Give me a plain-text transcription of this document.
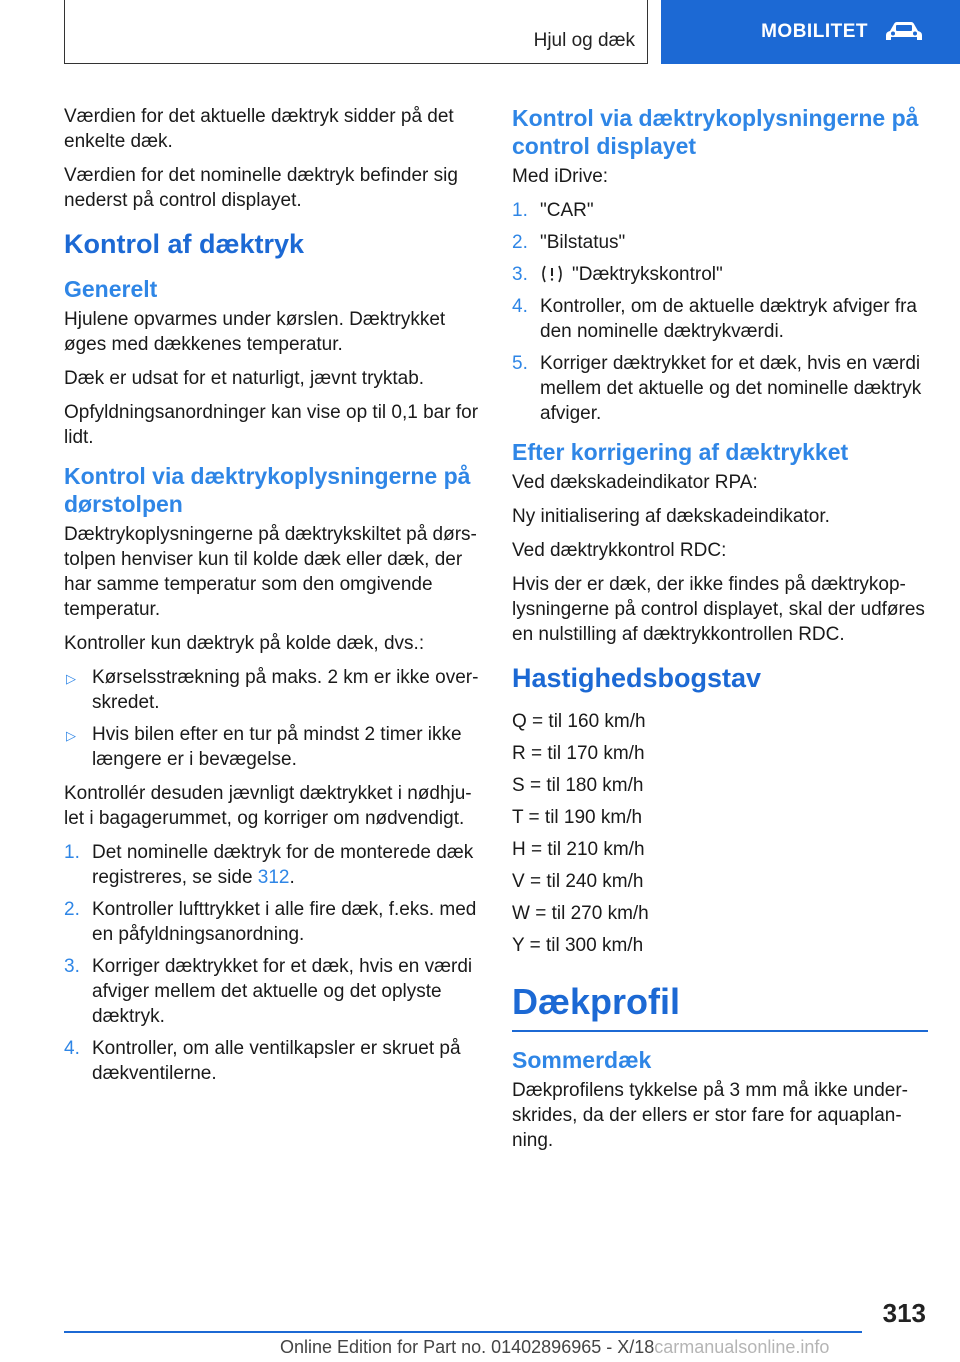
Hjul og dæk	MOBILITET

Værdien for det aktuelle dæktryk sidder på det enkelte dæk.

Værdien for det nominelle dæktryk befinder sig nederst på control displayet.

Kontrol af dæktryk
Generelt

Hjulene opvarmes under kørslen. Dæktrykket øges med dækkenes temperatur.

Dæk er udsat for et naturligt, jævnt tryktab.

Opfyldningsanordninger kan vise op til 0,1 bar for lidt.

Kontrol via dæktrykoplysningerne på dørstolpen

Dæktrykoplysningerne på dæktrykskiltet på dørs-tolpen henviser kun til kolde dæk eller dæk, der har samme temperatur som den omgivende temperatur.

Kontroller kun dæktryk på kolde dæk, dvs.:

▷ Kørselsstrækning på maks. 2 km er ikke over-skredet.
▷ Hvis bilen efter en tur på mindst 2 timer ikke længere er i bevægelse.

Kontrollér desuden jævnligt dæktrykket i nødhju-let i bagagerummet, og korriger om nødvendigt.

1. Det nominelle dæktryk for de monterede dæk registreres, se side 312.
2. Kontroller lufttrykket i alle fire dæk, f.eks. med en påfyldningsanordning.
3. Korriger dæktrykket for et dæk, hvis en værdi afviger mellem det aktuelle og det oplyste dæktryk.
4. Kontroller, om alle ventilkapsler er skruet på dækventilerne.
Kontrol via dæktrykoplysningerne på control displayet

Med iDrive:

1. "CAR"
2. "Bilstatus"
3. "Dæktrykskontrol"
4. Kontroller, om de aktuelle dæktryk afviger fra den nominelle dæktrykværdi.
5. Korriger dæktrykket for et dæk, hvis en værdi mellem det aktuelle og det nominelle dæktryk afviger.
Efter korrigering af dæktrykket

Ved dækskadeindikator RPA:

Ny initialisering af dækskadeindikator.

Ved dæktrykkontrol RDC:

Hvis der er dæk, der ikke findes på dæktrykop-lysningerne på control displayet, skal der udføres en nulstilling af dæktrykkontrollen RDC.

Hastighedsbogstav

Q = til 160 km/h

R = til 170 km/h

S = til 180 km/h

T = til 190 km/h

H = til 210 km/h

V = til 240 km/h

W = til 270 km/h

Y = til 300 km/h

Dækprofil
Sommerdæk

Dækprofilens tykkelse på 3 mm må ikke under-skrides, da der ellers er stor fare for aquaplan-ning.

313
Online Edition for Part no. 01402896965 - X/18carmanualsonline.info
